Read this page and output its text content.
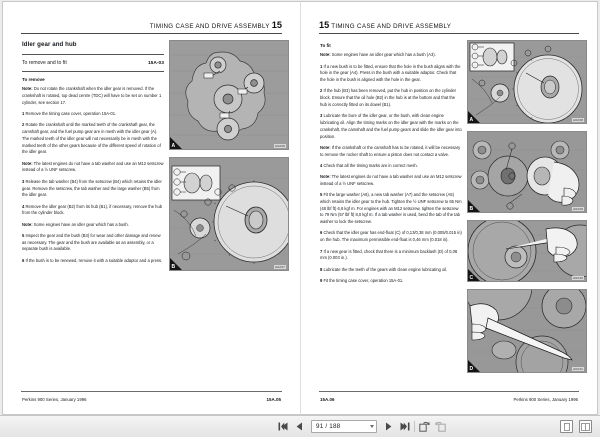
TIMING CASE AND DRIVE ASSEMBLY 15
Idler gear and hub
To remove and to fit	15A-03
To remove

Note: Do not rotate the crankshaft when the idler gear is removed. If the crankshaft is rotated, top dead centre (TDC) will have to be set on number 1 cylinder, see section 17.

1 Remove the timing case cover, operation 15A-01.

2 Rotate the crankshaft until the marked teeth of the crankshaft gear, the camshaft gear, and the fuel pump gear are in mesh with the idler gear (A). The marked teeth of the idler gear will not necessarily be in mesh with the marked teeth of the other gears because of the different speed of rotation of the idler gear.

Note: The latest engines do not have a tab washer and use an M12 setscrew instead of a ½ UNF setscrew.

3 Release the tab washer (B4) from the setscrew (B4) which retains the idler gear. Remove the setscrew, the tab washer and the large washer (B5) from the idler gear.

4 Remove the idler gear (B2) from its hub (B1), if necessary, remove the hub from the cylinder block.

Note: Some engines have an idler gear which has a bush.

5 Inspect the gear and the bush (B3) for wear and other damage and renew as necessary. The gear and the bush are available as an assembly, or a separate bush is available.

6 If the bush is to be renewed, remove it with a suitable adaptor and a press.

A	A0236
B	A0237
Perkins 900 Series, January 1996	15A.05
15 TIMING CASE AND DRIVE ASSEMBLY
To fit

Note: Some engines have an idler gear which has a bush (A3).

1 If a new bush is to be fitted, ensure that the hole in the bush aligns with the hole in the gear (A4). Press in the bush with a suitable adaptor. Check that the hole in the bush is aligned with the hole in the gear.

2 If the hub (B3) has been removed, put the hub in position on the cylinder block. Ensure that the oil hole (B2) in the hub is at the bottom and that the hub is correctly fitted on its dowel (B1).

3 Lubricate the bore of the idler gear, or the bush, with clean engine lubricating oil. Align the timing marks on the idler gear with the marks on the crankshaft, the camshaft and the fuel pump gears and slide the idler gear into position.

Note: If the crankshaft or the camshaft has to be rotated, it will be necessary to remove the rocker shaft to ensure a piston does not contact a valve.

4 Check that all the timing marks are in correct mesh.

Note: The latest engines do not have a tab washer and use an M12 setscrew instead of a ½ UNF setscrew.

5 Fit the large washer (A6), a new tab washer (A7) and the setscrew (A5) which retains the idler gear to the hub. Tighten the ½ UNF setscrew to 65 Nm (48 lbf ft) 6,6 kgf m. For engines with an M12 setscrew, tighten the setscrew to 79 Nm (57 lbf ft) 8,0 kgf m. If a tab washer is used, bend the tab of the tab washer to lock the setscrew.

6 Check that the idler gear has end-float (C) of 0,13/0,38 mm (0.005/0.015 in) on the hub. The maximum permissible end-float is 0,46 mm (0.018 in).

7 If a new gear is fitted, check that there is a minimum backlash (D) of 0,08 mm (0.003 in.).

8 Lubricate the the teeth of the gears with clean engine lubricating oil.

9 Fit the timing case cover, operation 15A-01.

A	A0238
B	A0239
C	A0240
D	A0241
15A.06	Perkins 900 Series, January 1996
91 / 188
